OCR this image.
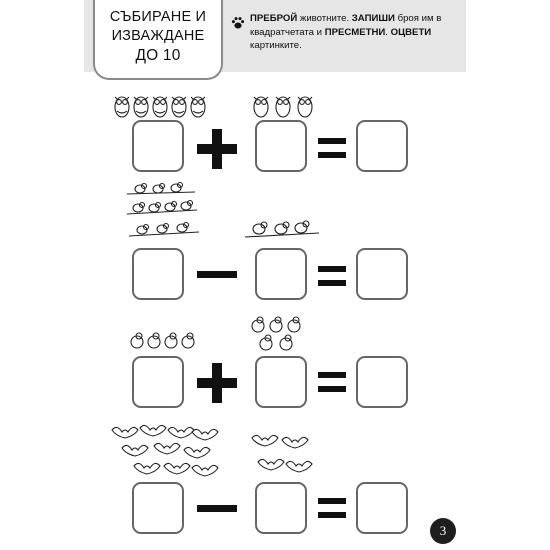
СЪБИРАНЕ И
ИЗВАЖДАНЕ
ДО 10
ПРЕБРОЙ животните. ЗАПИШИ броя им в квадратчетата и ПРЕСМЕТНИ. ОЦВЕТИ картинките.
3
